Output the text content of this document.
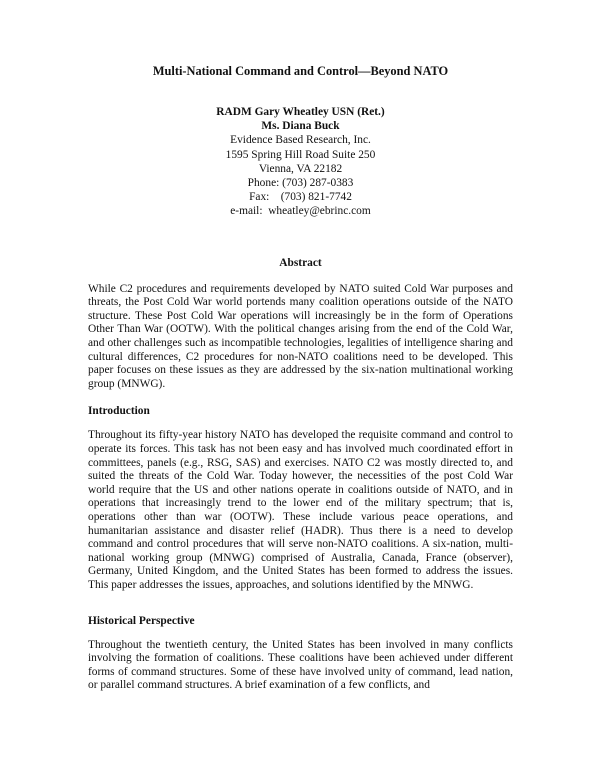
Multi-National Command and Control—Beyond NATO
RADM Gary Wheatley USN (Ret.)
Ms. Diana Buck
Evidence Based Research, Inc.
1595 Spring Hill Road Suite 250
Vienna, VA 22182
Phone: (703) 287-0383
Fax:    (703) 821-7742
e-mail:  wheatley@ebrinc.com
Abstract

While C2 procedures and requirements developed by NATO suited Cold War purposes and threats, the Post Cold War world portends many coalition operations outside of the NATO structure. These Post Cold War operations will increasingly be in the form of Operations Other Than War (OOTW). With the political changes arising from the end of the Cold War, and other challenges such as incompatible technologies, legalities of intelligence sharing and cultural differences, C2 procedures for non-NATO coalitions need to be developed. This paper focuses on these issues as they are addressed by the six-nation multinational working group (MNWG).

Introduction

Throughout its fifty-year history NATO has developed the requisite command and control to operate its forces. This task has not been easy and has involved much coordinated effort in committees, panels (e.g., RSG, SAS) and exercises. NATO C2 was mostly directed to, and suited the threats of the Cold War. Today however, the necessities of the post Cold War world require that the US and other nations operate in coalitions outside of NATO, and in operations that increasingly trend to the lower end of the military spectrum; that is, operations other than war (OOTW). These include various peace operations, and humanitarian assistance and disaster relief (HADR). Thus there is a need to develop command and control procedures that will serve non-NATO coalitions. A six-nation, multi-national working group (MNWG) comprised of Australia, Canada, France (observer), Germany, United Kingdom, and the United States has been formed to address the issues. This paper addresses the issues, approaches, and solutions identified by the MNWG.

Historical Perspective

Throughout the twentieth century, the United States has been involved in many conflicts involving the formation of coalitions. These coalitions have been achieved under different forms of command structures. Some of these have involved unity of command, lead nation, or parallel command structures. A brief examination of a few conflicts, and
